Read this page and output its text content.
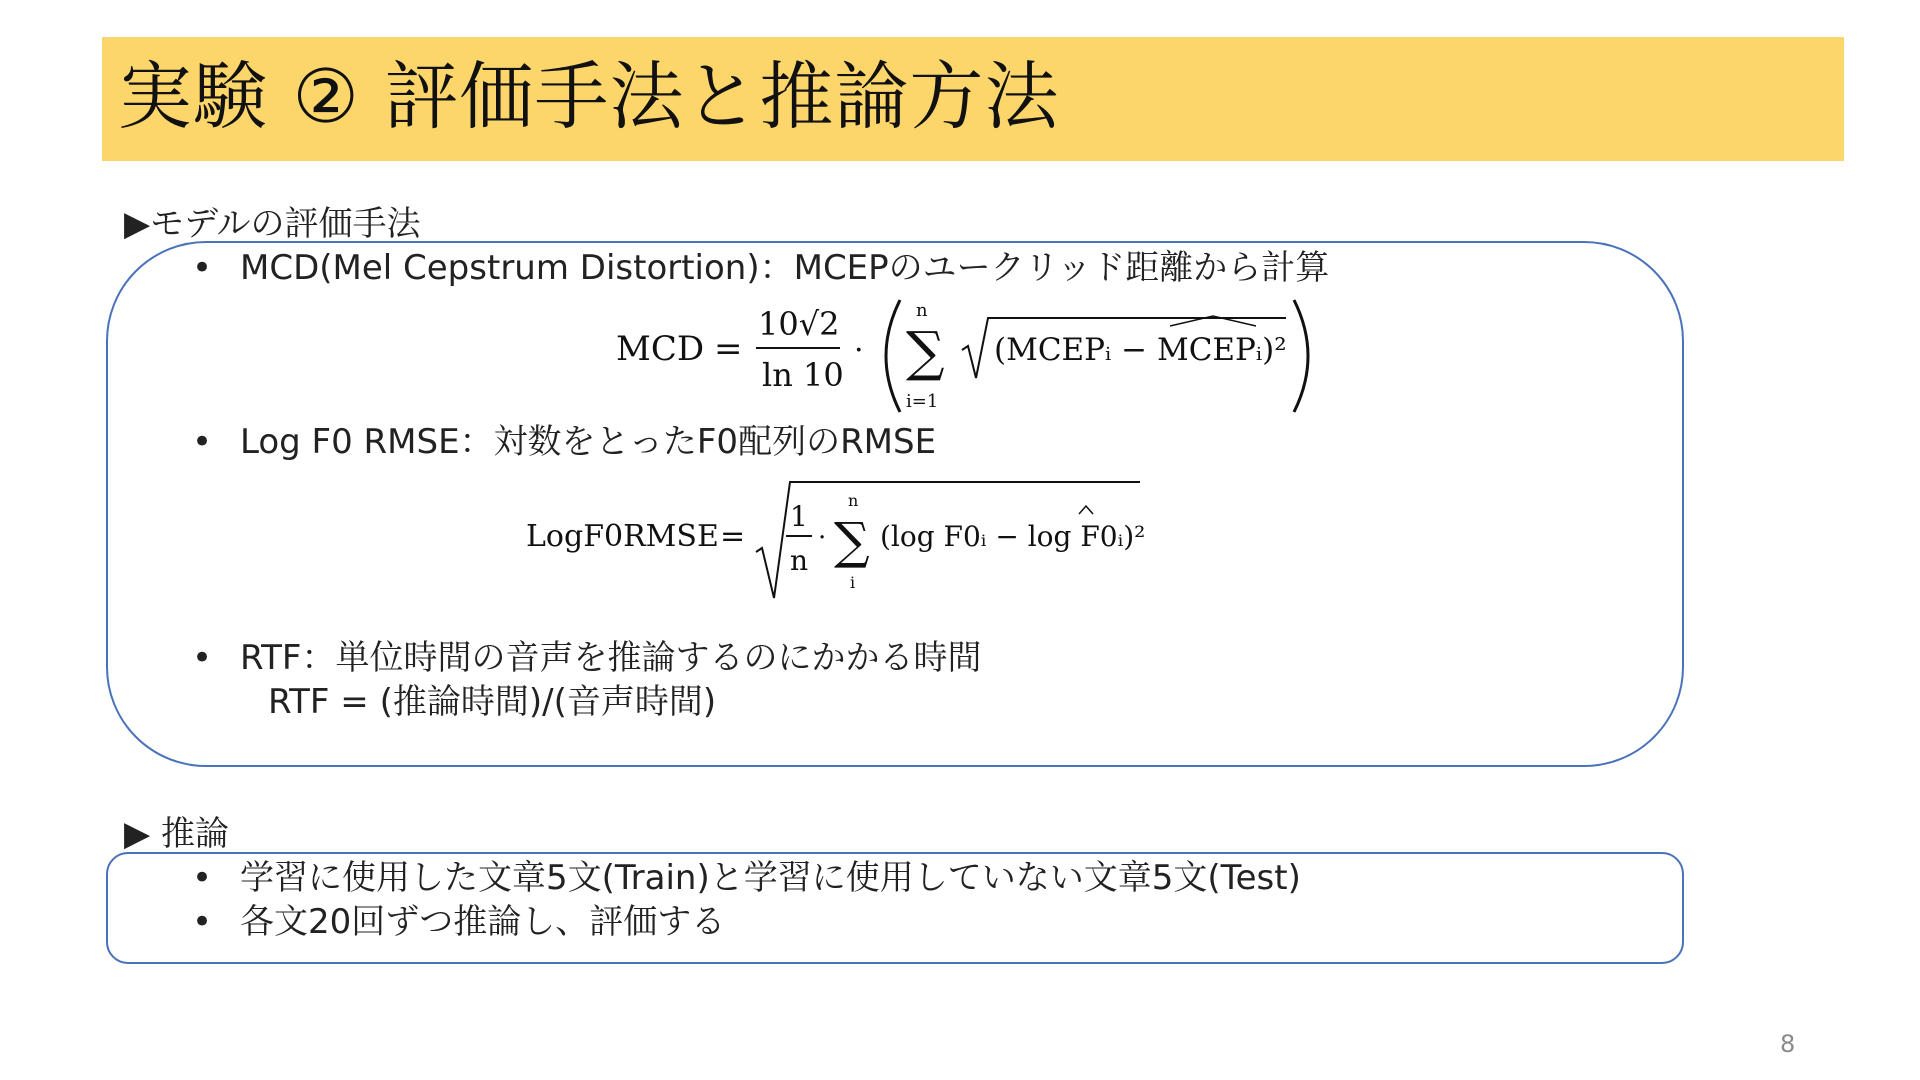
実験 ② 評価手法と推論方法
▶モデルの評価手法
• MCD(Mel Cepstrum Distortion)：MCEPのユークリッド距離から計算
MCD =
10√2
ln 10
·
n
∑
i=1
(MCEPᵢ − MCEPᵢ)²
• Log F0 RMSE：対数をとったF0配列のRMSE
LogF0RMSE =
1
n
·
n
∑
i
(log F0ᵢ − log F0ᵢ)²
• RTF：単位時間の音声を推論するのにかかる時間
RTF = (推論時間)/(音声時間)
▶ 推論
• 学習に使用した文章5文(Train)と学習に使用していない文章5文(Test)
• 各文20回ずつ推論し、評価する
8
